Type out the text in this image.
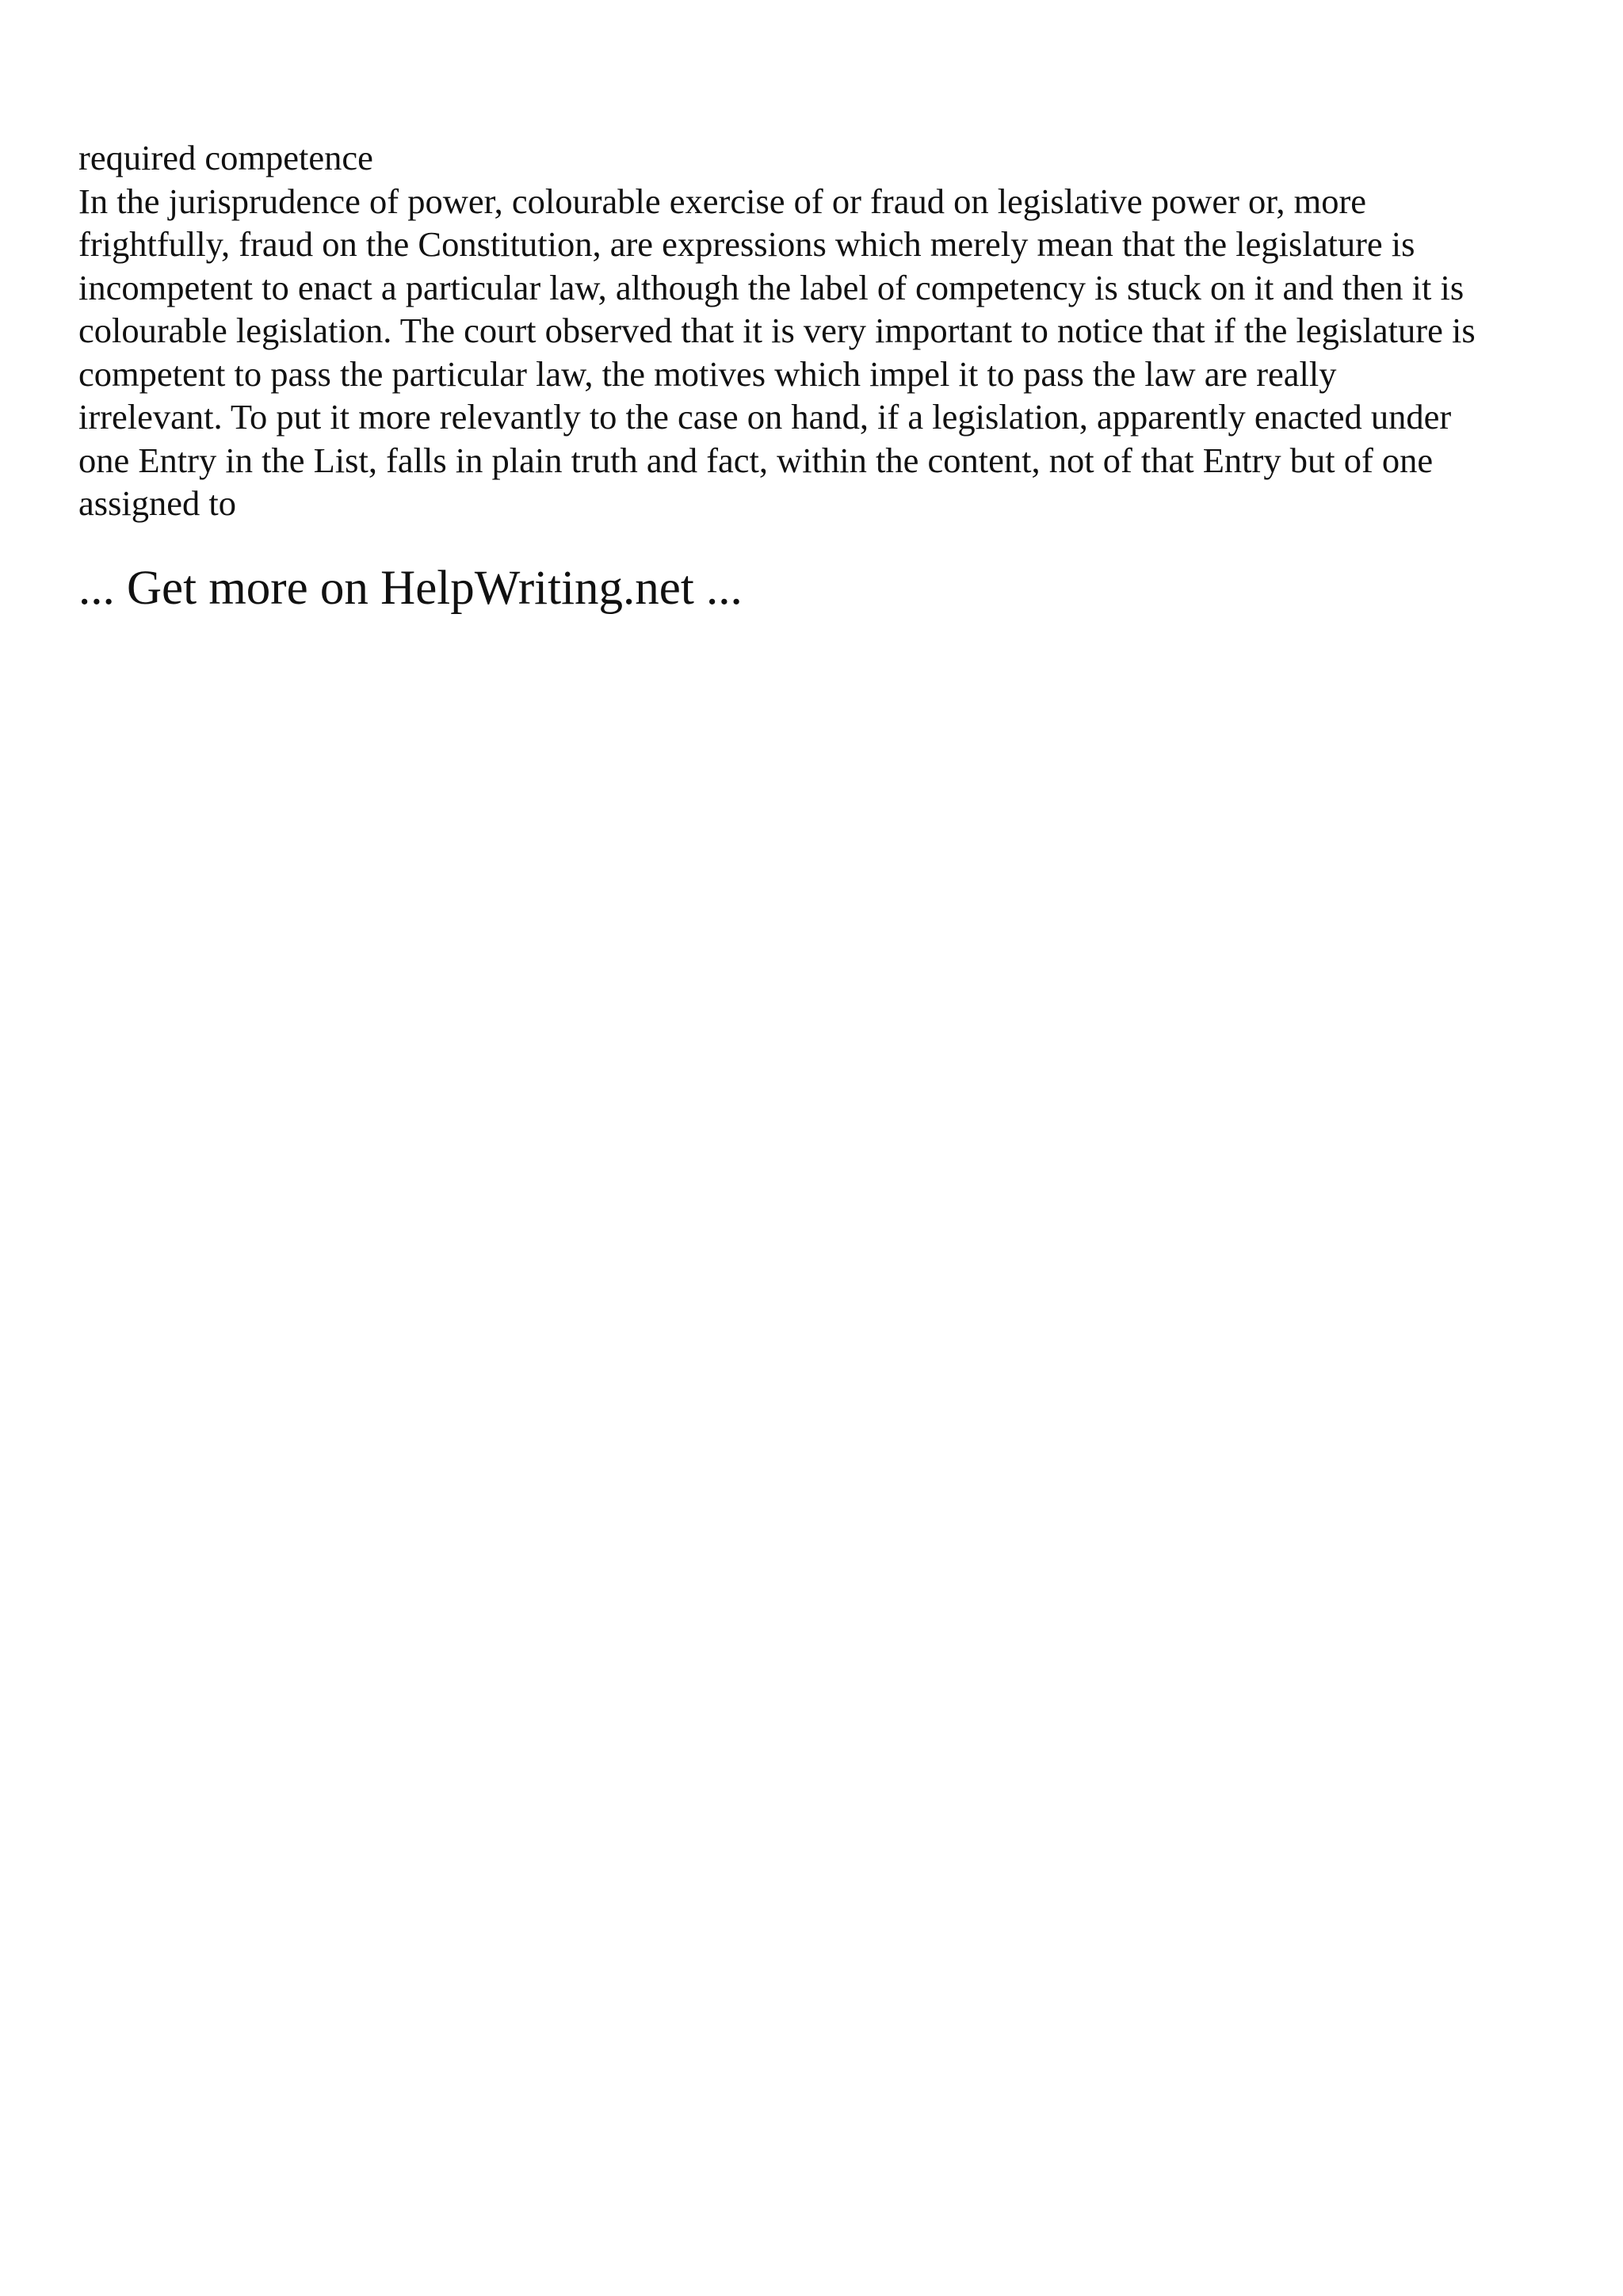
required competence
In the jurisprudence of power, colourable exercise of or fraud on legislative power or, more
frightfully, fraud on the Constitution, are expressions which merely mean that the legislature is
incompetent to enact a particular law, although the label of competency is stuck on it and then it is
colourable legislation. The court observed that it is very important to notice that if the legislature is
competent to pass the particular law, the motives which impel it to pass the law are really
irrelevant. To put it more relevantly to the case on hand, if a legislation, apparently enacted under
one Entry in the List, falls in plain truth and fact, within the content, not of that Entry but of one
assigned to
... Get more on HelpWriting.net ...
